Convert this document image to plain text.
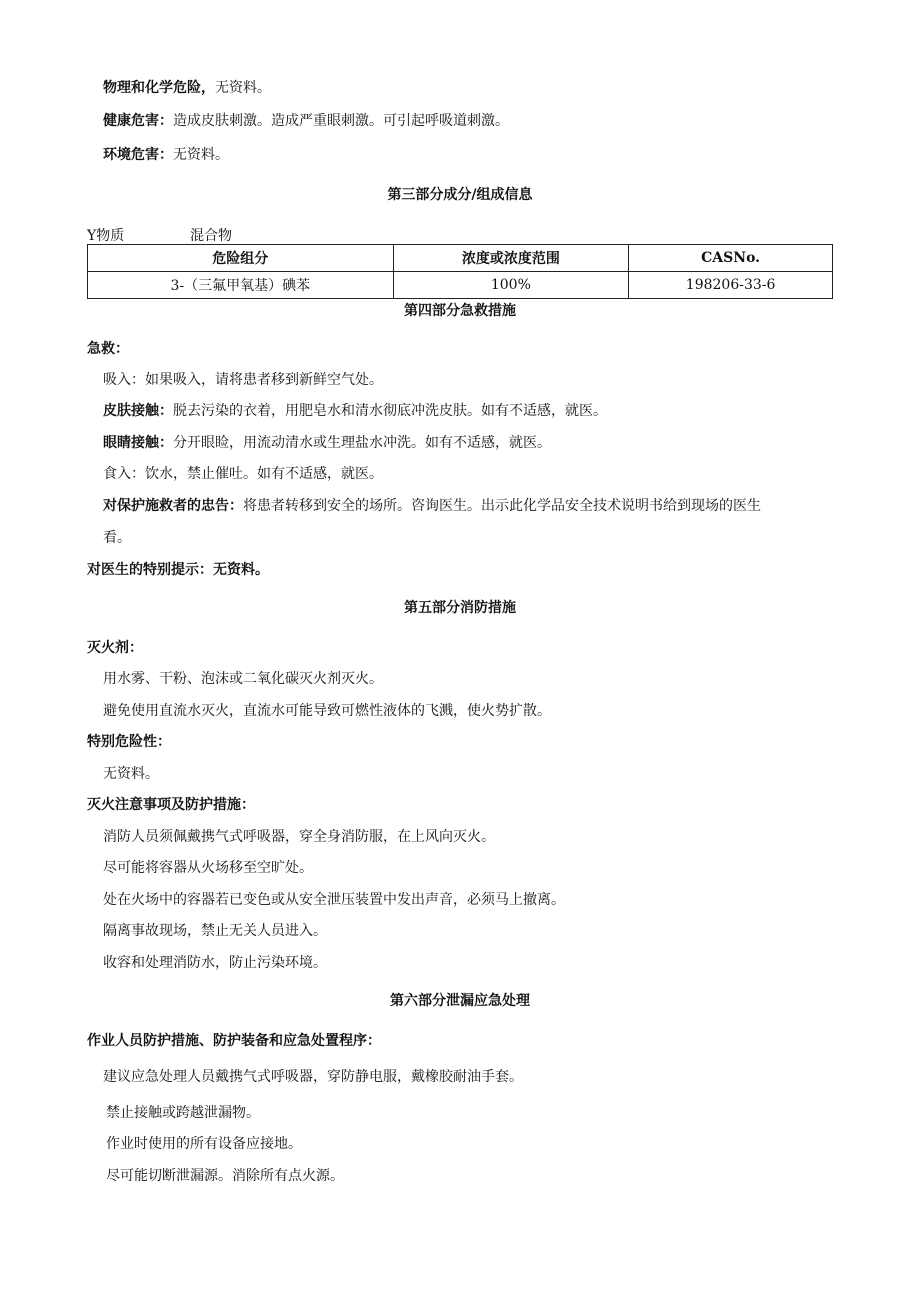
物理和化学危险，无资料。
健康危害：造成皮肤刺激。造成严重眼刺激。可引起呼吸道刺激。
环境危害：无资料。
第三部分成分/组成信息
Y物质	混合物
危险组分	浓度或浓度范围	CASNo.
3-（三氟甲氧基）碘苯	100%	198206-33-6
第四部分急救措施
急救：
吸入：如果吸入，请将患者移到新鲜空气处。
皮肤接触：脱去污染的衣着，用肥皂水和清水彻底冲洗皮肤。如有不适感，就医。
眼睛接触：分开眼睑，用流动清水或生理盐水冲洗。如有不适感，就医。
食入：饮水，禁止催吐。如有不适感，就医。
对保护施救者的忠告：将患者转移到安全的场所。咨询医生。出示此化学品安全技术说明书给到现场的医生
看。
对医生的特别提示：无资料。
第五部分消防措施
灭火剂：
用水雾、干粉、泡沫或二氧化碳灭火剂灭火。
避免使用直流水灭火，直流水可能导致可燃性液体的飞溅，使火势扩散。
特别危险性：
无资料。
灭火注意事项及防护措施：
消防人员须佩戴携气式呼吸器，穿全身消防服，在上风向灭火。
尽可能将容器从火场移至空旷处。
处在火场中的容器若已变色或从安全泄压装置中发出声音，必须马上撤离。
隔离事故现场，禁止无关人员进入。
收容和处理消防水，防止污染环境。
第六部分泄漏应急处理
作业人员防护措施、防护装备和应急处置程序：
建议应急处理人员戴携气式呼吸器，穿防静电服，戴橡胶耐油手套。
禁止接触或跨越泄漏物。
作业时使用的所有设备应接地。
尽可能切断泄漏源。消除所有点火源。
